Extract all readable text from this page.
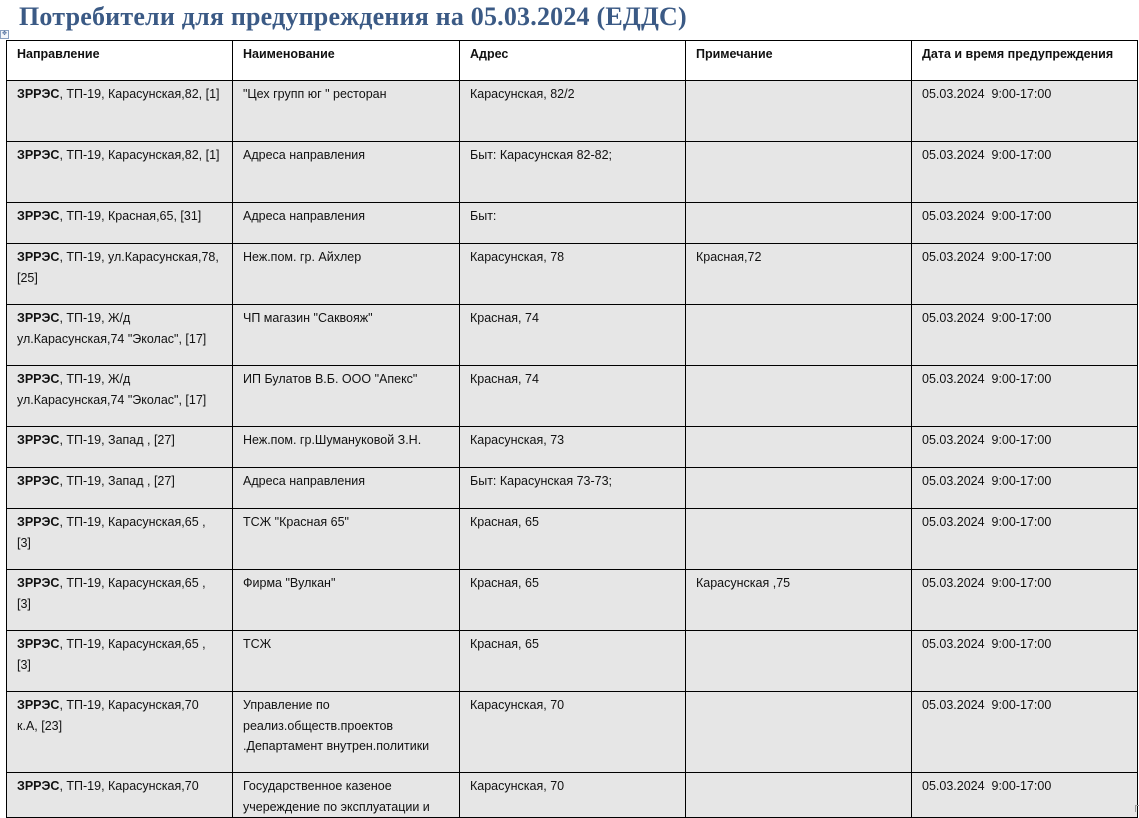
Потребители для предупреждения на 05.03.2024 (ЕДДС)
✥
Направление	Наименование	Адрес	Примечание	Дата и время предупреждения
ЗРРЭС, ТП-19, Карасунская,82, [1]	"Цех групп юг " ресторан	Карасунская, 82/2		05.03.2024  9:00-17:00
ЗРРЭС, ТП-19, Карасунская,82, [1]	Адреса направления	Быт: Карасунская 82-82;		05.03.2024  9:00-17:00
ЗРРЭС, ТП-19, Красная,65, [31]	Адреса направления	Быт:		05.03.2024  9:00-17:00
ЗРРЭС, ТП-19, ул.Карасунская,78, [25]	Неж.пом. гр. Айхлер	Карасунская, 78	Красная,72	05.03.2024  9:00-17:00
ЗРРЭС, ТП-19, Ж/д ул.Карасунская,74 "Эколас", [17]	ЧП магазин "Саквояж"	Красная, 74		05.03.2024  9:00-17:00
ЗРРЭС, ТП-19, Ж/д ул.Карасунская,74 "Эколас", [17]	ИП Булатов В.Б. ООО "Апекс"	Красная, 74		05.03.2024  9:00-17:00
ЗРРЭС, ТП-19, Запад , [27]	Неж.пом. гр.Шумануковой З.Н.	Карасунская, 73		05.03.2024  9:00-17:00
ЗРРЭС, ТП-19, Запад , [27]	Адреса направления	Быт: Карасунская 73-73;		05.03.2024  9:00-17:00
ЗРРЭС, ТП-19, Карасунская,65 , [3]	ТСЖ "Красная 65"	Красная, 65		05.03.2024  9:00-17:00
ЗРРЭС, ТП-19, Карасунская,65 , [3]	Фирма "Вулкан"	Красная, 65	Карасунская ,75	05.03.2024  9:00-17:00
ЗРРЭС, ТП-19, Карасунская,65 , [3]	ТСЖ	Красная, 65		05.03.2024  9:00-17:00
ЗРРЭС, ТП-19, Карасунская,70 к.А, [23]	Управление по реализ.обществ.проектов .Департамент внутрен.политики	Карасунская, 70		05.03.2024  9:00-17:00
ЗРРЭС, ТП-19, Карасунская,70	Государственное казеное учереждение по эксплуатации и	Карасунская, 70		05.03.2024  9:00-17:00
